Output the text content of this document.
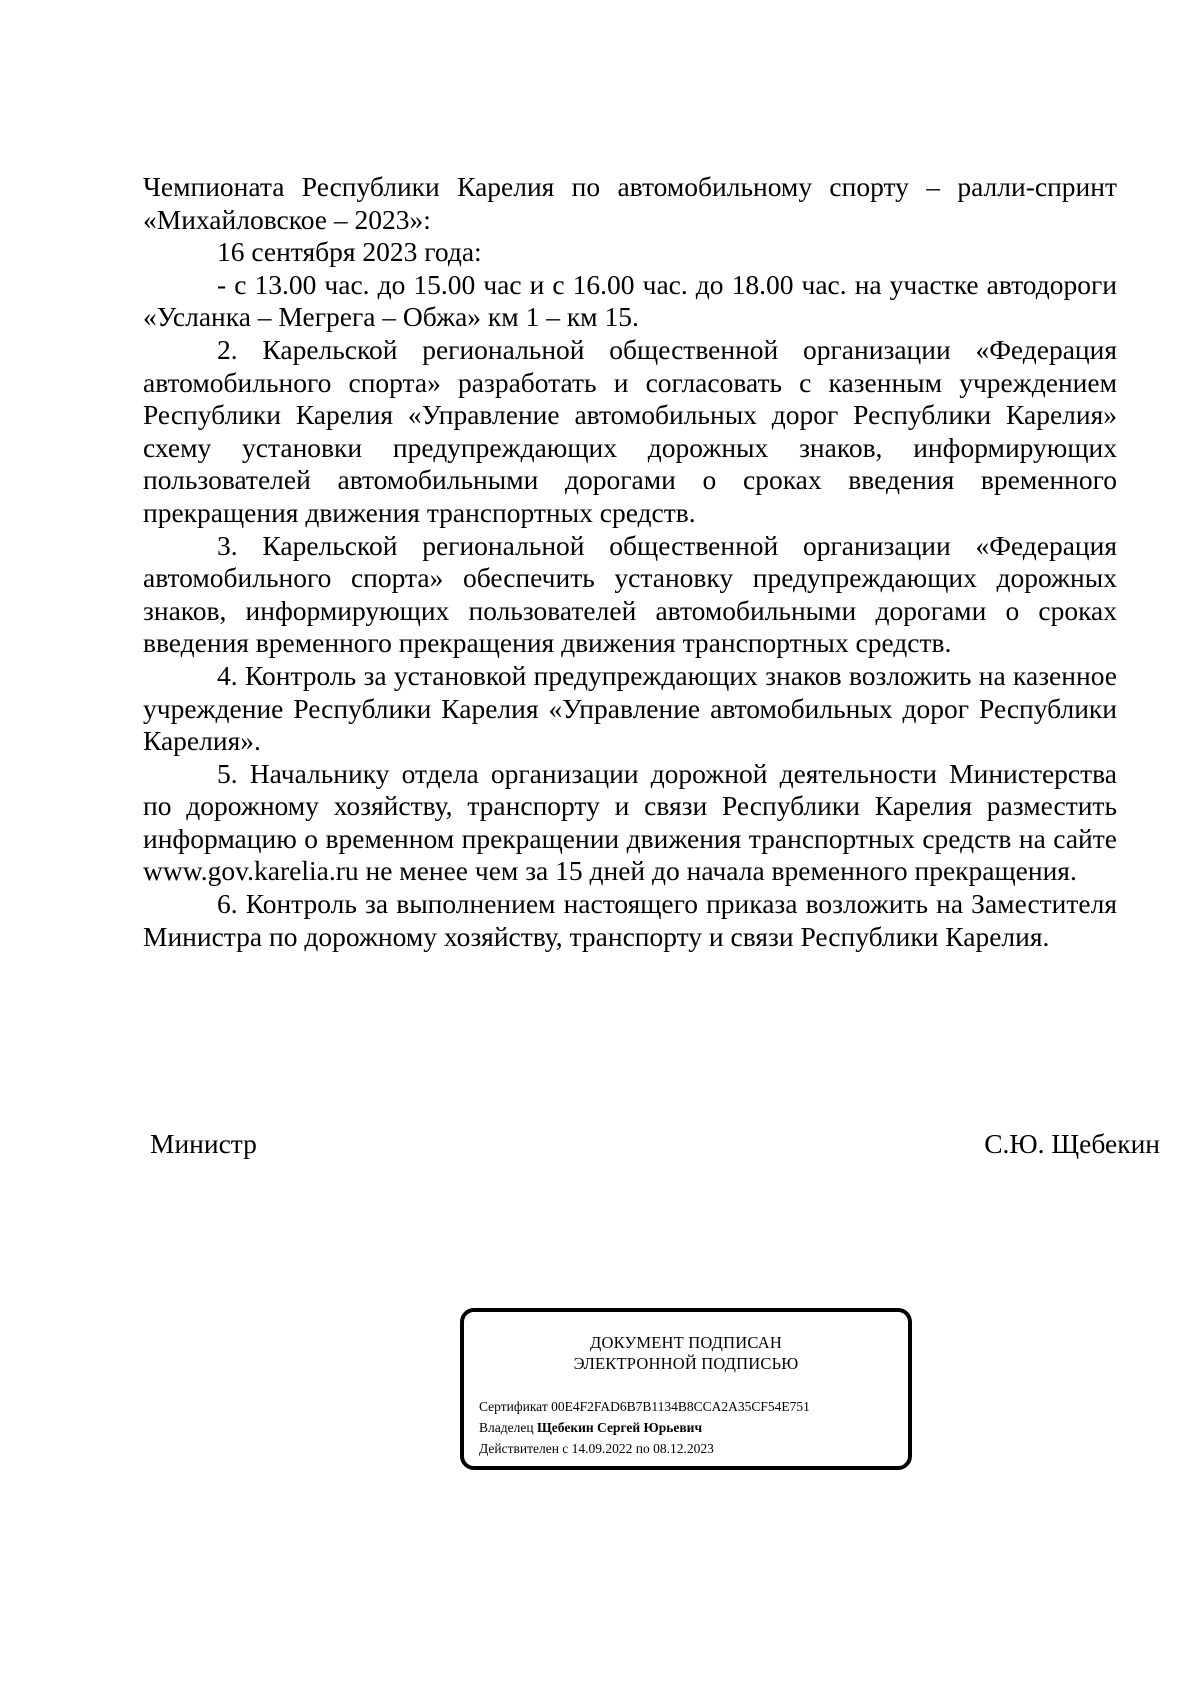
Чемпионата Республики Карелия по автомобильному спорту – ралли-спринт «Михайловское – 2023»:

16 сентября 2023 года:

- с 13.00 час. до 15.00 час и с 16.00 час. до 18.00 час. на участке автодороги «Усланка – Мегрега – Обжа» км 1 – км 15.

2. Карельской региональной общественной организации «Федерация автомобильного спорта» разработать и согласовать с казенным учреждением Республики Карелия «Управление автомобильных дорог Республики Карелия» схему установки предупреждающих дорожных знаков, информирующих пользователей автомобильными дорогами о сроках введения временного прекращения движения транспортных средств.

3. Карельской региональной общественной организации «Федерация автомобильного спорта» обеспечить установку предупреждающих дорожных знаков, информирующих пользователей автомобильными дорогами о сроках введения временного прекращения движения транспортных средств.

4. Контроль за установкой предупреждающих знаков возложить на казенное учреждение Республики Карелия «Управление автомобильных дорог Республики Карелия».

5. Начальнику отдела организации дорожной деятельности Министерства по дорожному хозяйству, транспорту и связи Республики Карелия разместить информацию о временном прекращении движения транспортных средств на сайте www.gov.karelia.ru не менее чем за 15 дней до начала временного прекращения.

6. Контроль за выполнением настоящего приказа возложить на Заместителя Министра по дорожному хозяйству, транспорту и связи Республики Карелия.

Министр	С.Ю. Щебекин
ДОКУМЕНТ ПОДПИСАН
ЭЛЕКТРОННОЙ ПОДПИСЬЮ
Сертификат 00E4F2FAD6B7B1134B8CCA2A35CF54E751
Владелец Щебекин Сергей Юрьевич
Действителен с 14.09.2022 по 08.12.2023
